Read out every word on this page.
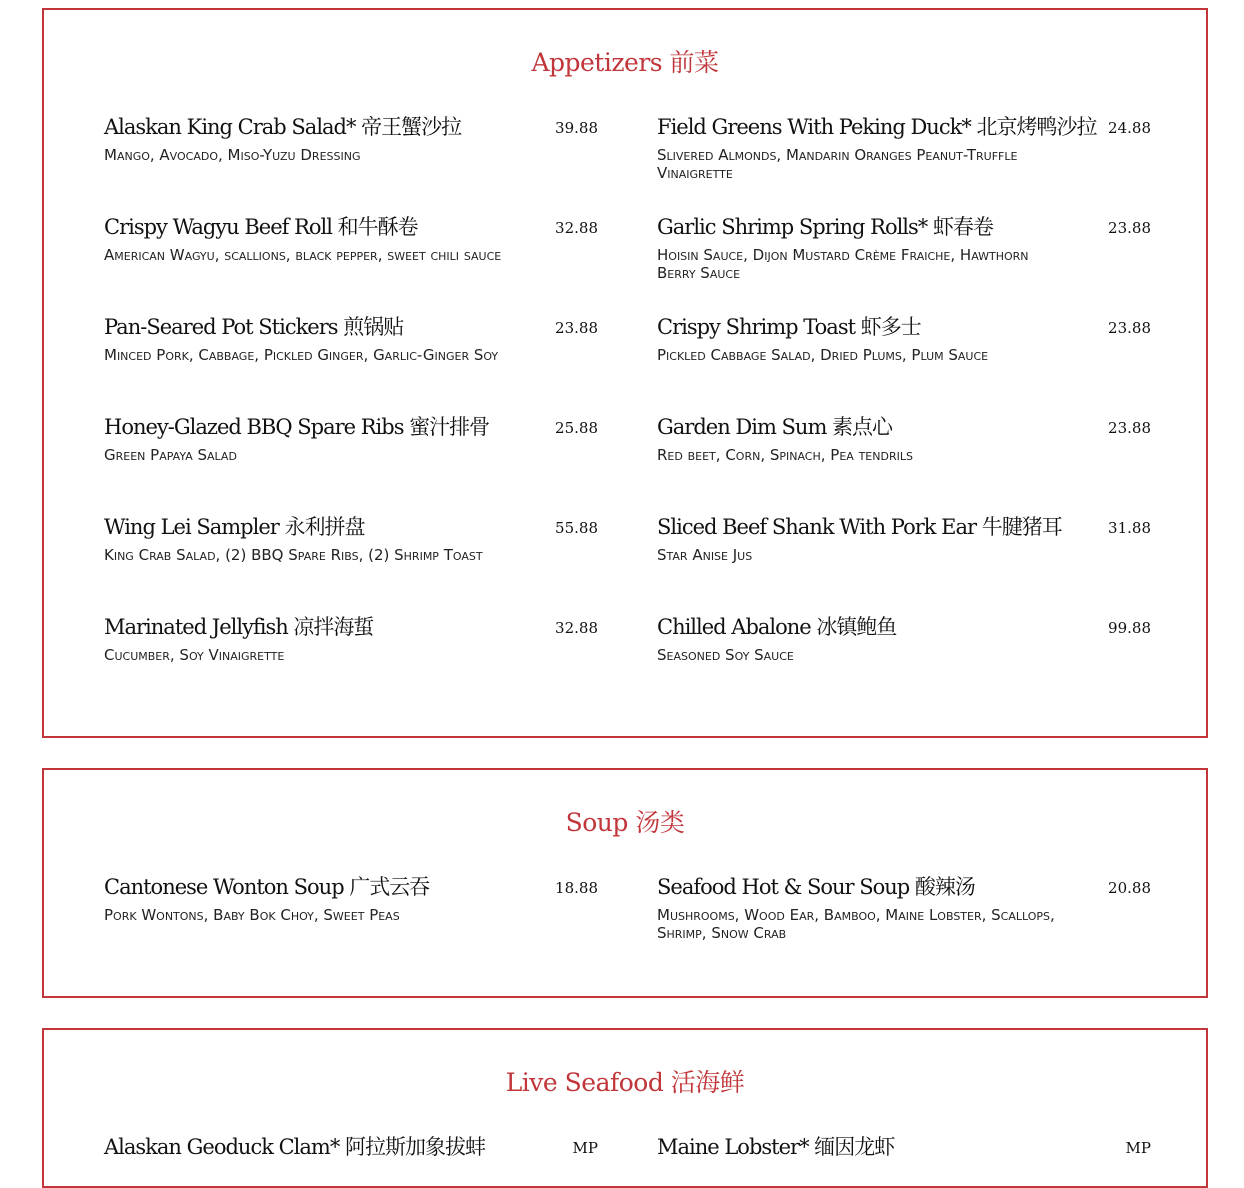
Appetizers 前菜
Alaskan King Crab Salad* 帝王蟹沙拉	39.88
Mango, Avocado, Miso-Yuzu Dressing
Field Greens With Peking Duck* 北京烤鸭沙拉 24.88
Slivered Almonds, Mandarin Oranges Peanut-Truffle Vinaigrette
Crispy Wagyu Beef Roll 和牛酥卷	32.88
American Wagyu, scallions, black pepper, sweet chili sauce
Garlic Shrimp Spring Rolls* 虾春卷	23.88
Hoisin Sauce, Dijon Mustard Crème Fraiche, Hawthorn Berry Sauce
Pan-Seared Pot Stickers 煎锅贴	23.88
Minced Pork, Cabbage, Pickled Ginger, Garlic-Ginger Soy
Crispy Shrimp Toast 虾多士	23.88
Pickled Cabbage Salad, Dried Plums, Plum Sauce
Honey-Glazed BBQ Spare Ribs 蜜汁排骨	25.88
Green Papaya Salad
Garden Dim Sum 素点心	23.88
Red beet, Corn, Spinach, Pea tendrils
Wing Lei Sampler 永利拼盘	55.88
King Crab Salad, (2) BBQ Spare Ribs, (2) Shrimp Toast
Sliced Beef Shank With Pork Ear 牛腱猪耳	31.88
Star Anise Jus
Marinated Jellyfish 凉拌海蜇	32.88
Cucumber, Soy Vinaigrette
Chilled Abalone 冰镇鲍鱼	99.88
Seasoned Soy Sauce
Soup 汤类
Cantonese Wonton Soup 广式云吞	18.88
Pork Wontons, Baby Bok Choy, Sweet Peas
Seafood Hot & Sour Soup 酸辣汤	20.88
Mushrooms, Wood Ear, Bamboo, Maine Lobster, Scallops, Shrimp, Snow Crab
Live Seafood 活海鲜
Alaskan Geoduck Clam* 阿拉斯加象拔蚌	MP	Maine Lobster* 缅因龙虾	MP
